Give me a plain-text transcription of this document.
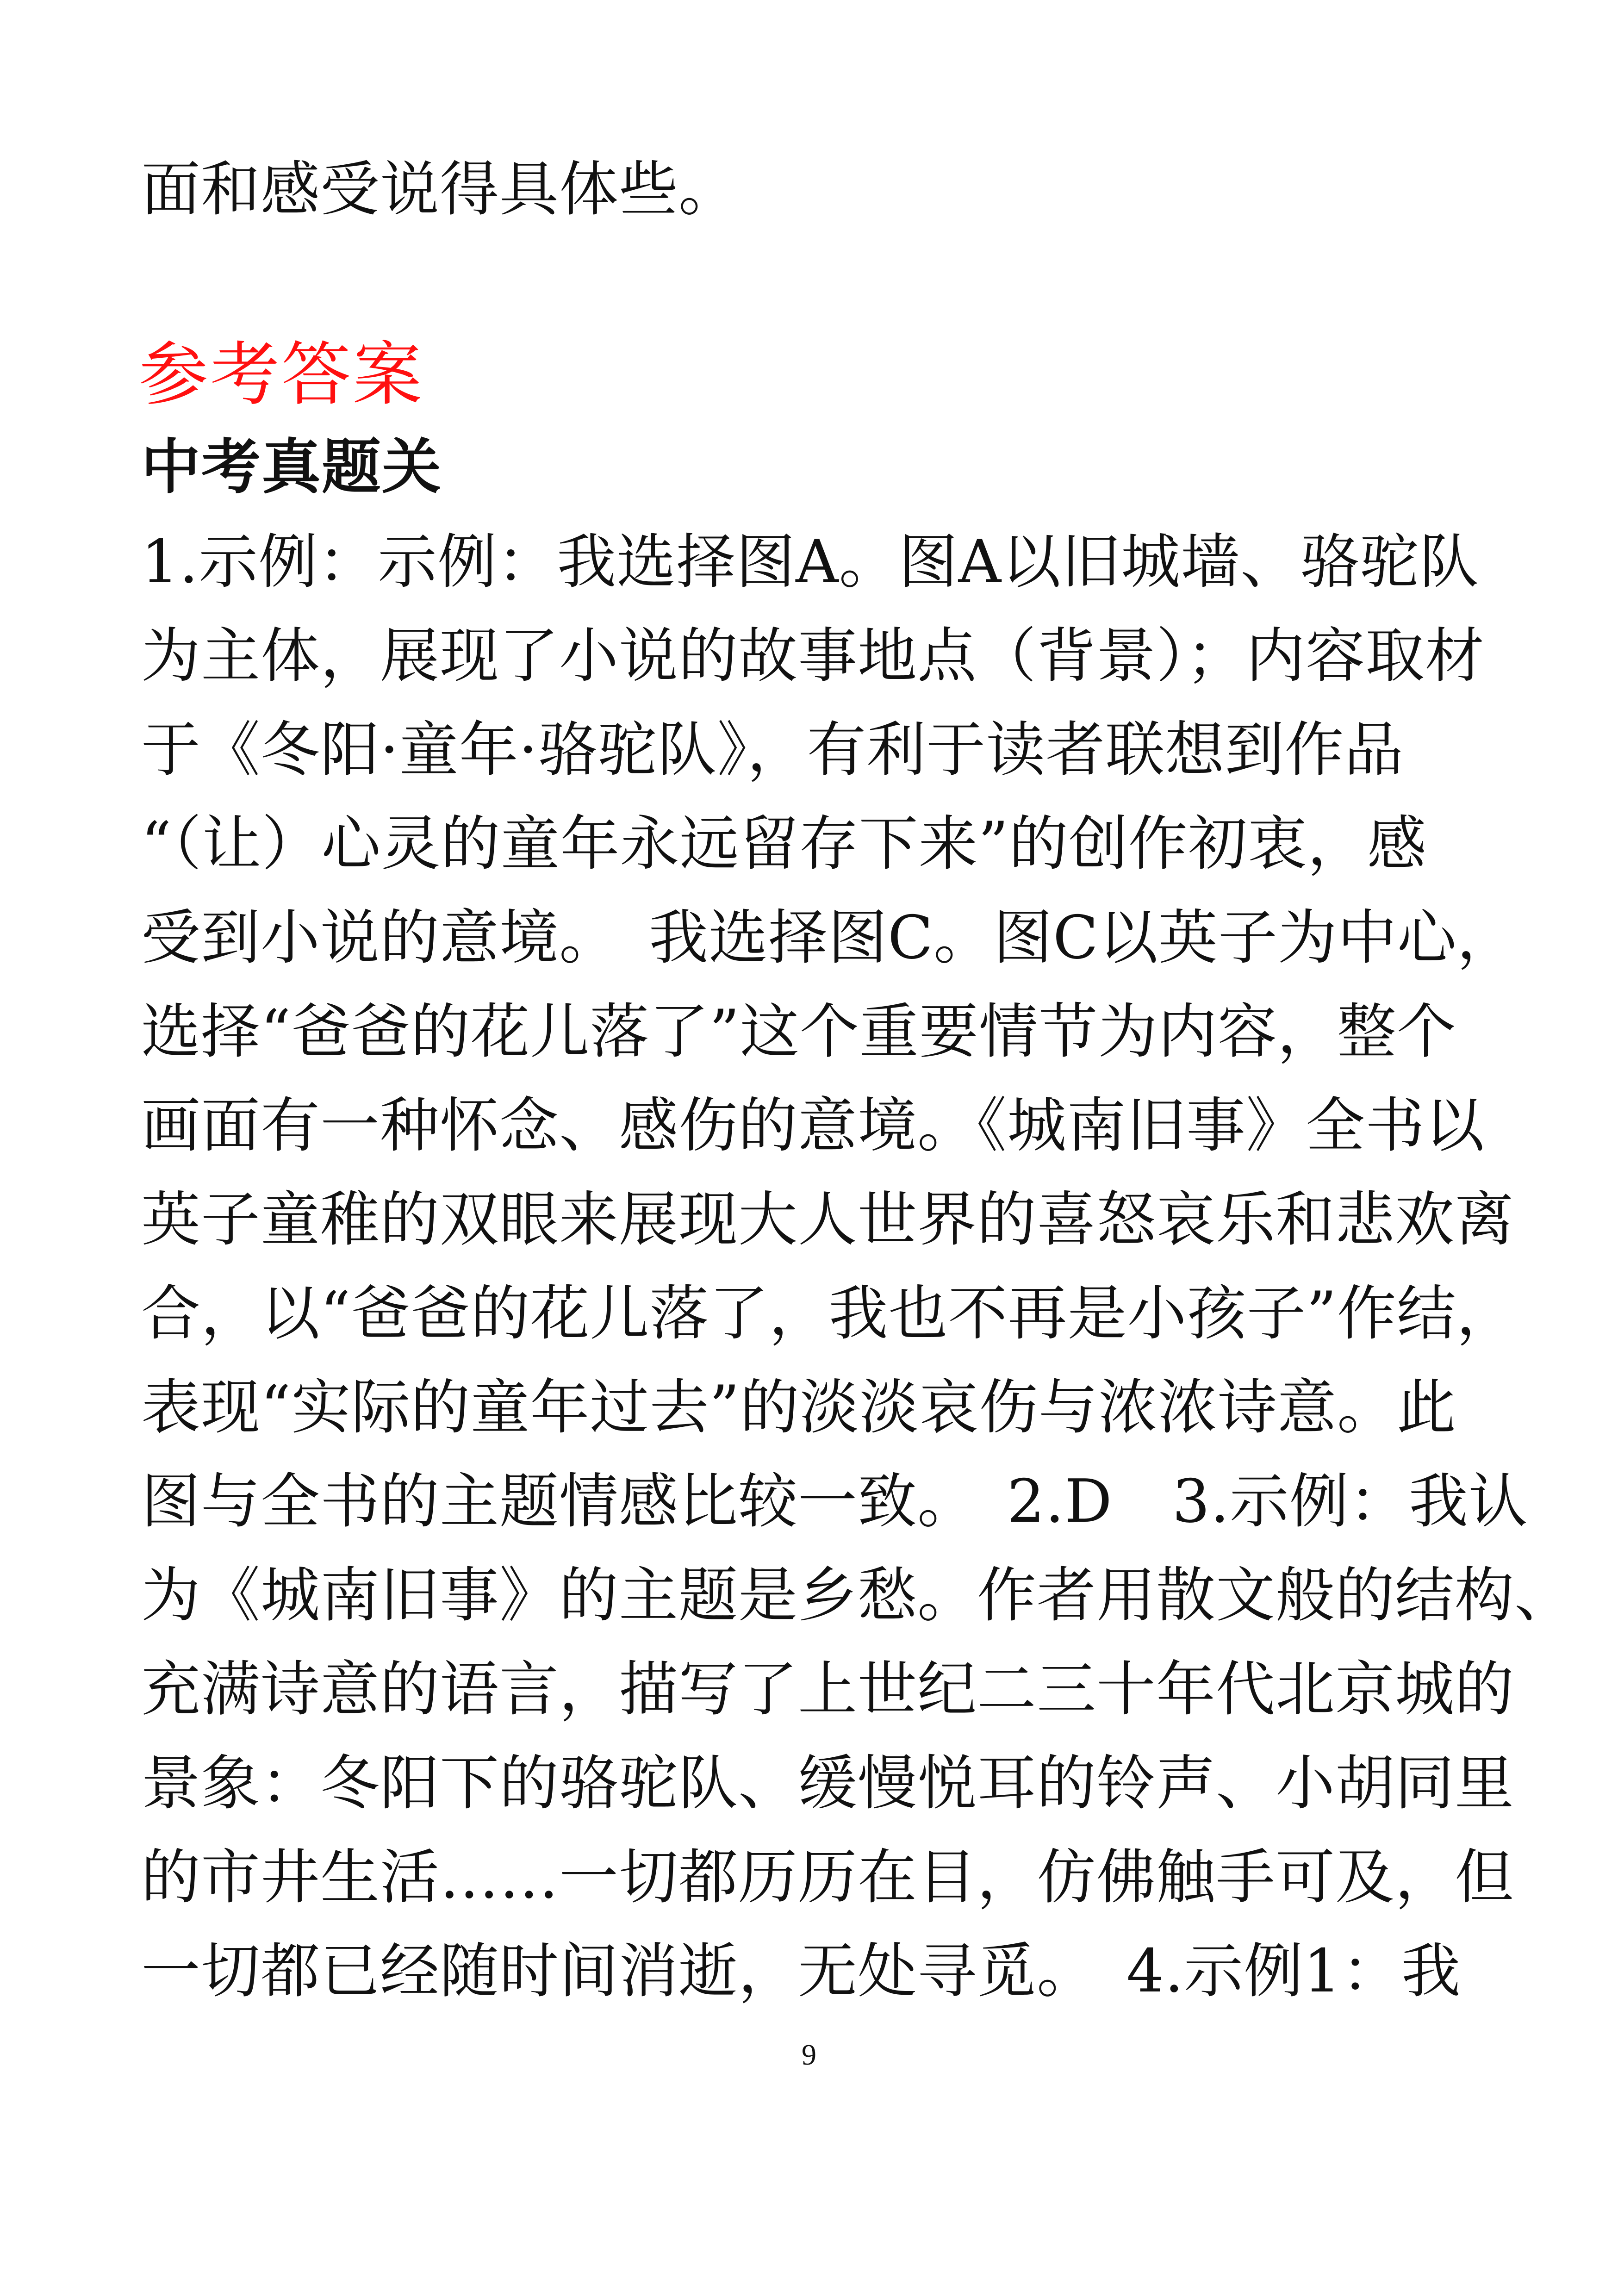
面和感受说得具体些。
参考答案
中考真题关
1.示例：示例：我选择图A。图A以旧城墙、骆驼队
为主体，展现了小说的故事地点（背景）；内容取材
于《冬阳·童年·骆驼队》，有利于读者联想到作品
“（让）心灵的童年永远留存下来”的创作初衷，感
受到小说的意境。　我选择图C。图C以英子为中心，
选择“爸爸的花儿落了”这个重要情节为内容，整个
画面有一种怀念、感伤的意境。《城南旧事》全书以
英子童稚的双眼来展现大人世界的喜怒哀乐和悲欢离
合，以“爸爸的花儿落了，我也不再是小孩子”作结，
表现“实际的童年过去”的淡淡哀伤与浓浓诗意。此
图与全书的主题情感比较一致。　2.D　3.示例：我认
为《城南旧事》的主题是乡愁。作者用散文般的结构、
充满诗意的语言，描写了上世纪二三十年代北京城的
景象：冬阳下的骆驼队、缓慢悦耳的铃声、小胡同里
的市井生活……一切都历历在目，仿佛触手可及，但
一切都已经随时间消逝，无处寻觅。　4.示例1：我
9
